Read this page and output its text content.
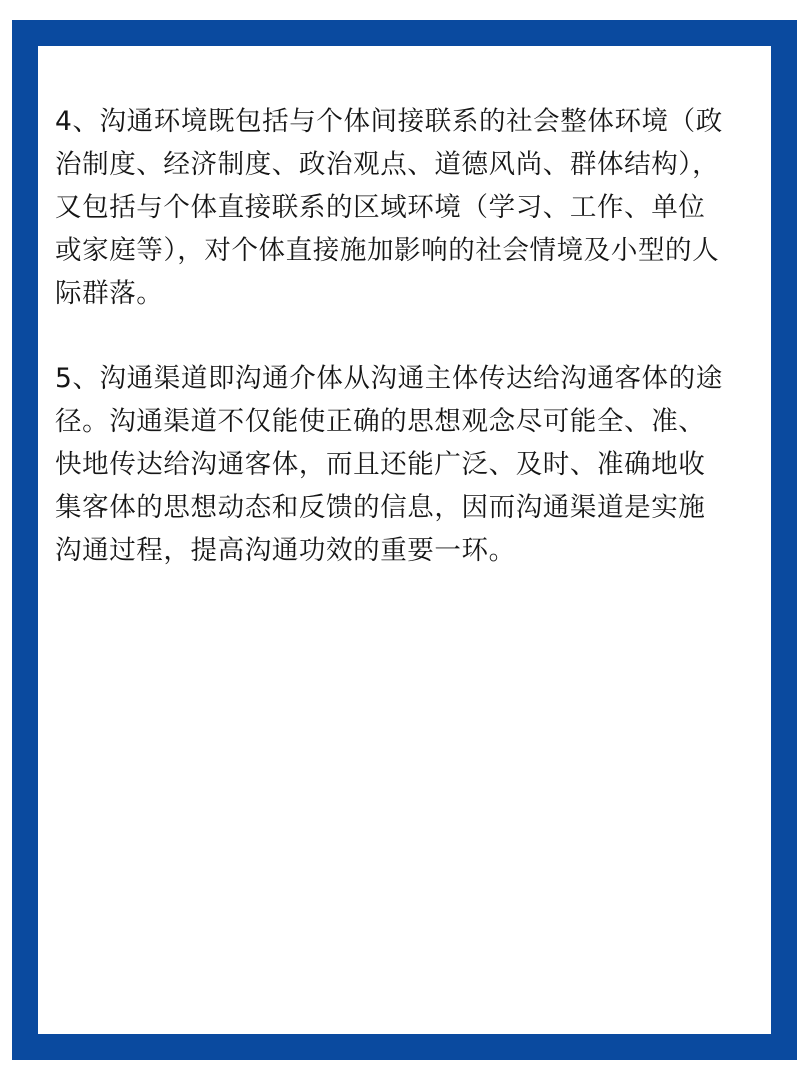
4、沟通环境既包括与个体间接联系的社会整体环境（政治制度、经济制度、政治观点、道德风尚、群体结构），又包括与个体直接联系的区域环境（学习、工作、单位或家庭等），对个体直接施加影响的社会情境及小型的人际群落。

5、沟通渠道即沟通介体从沟通主体传达给沟通客体的途径。沟通渠道不仅能使正确的思想观念尽可能全、准、快地传达给沟通客体，而且还能广泛、及时、准确地收集客体的思想动态和反馈的信息，因而沟通渠道是实施沟通过程，提高沟通功效的重要一环。
